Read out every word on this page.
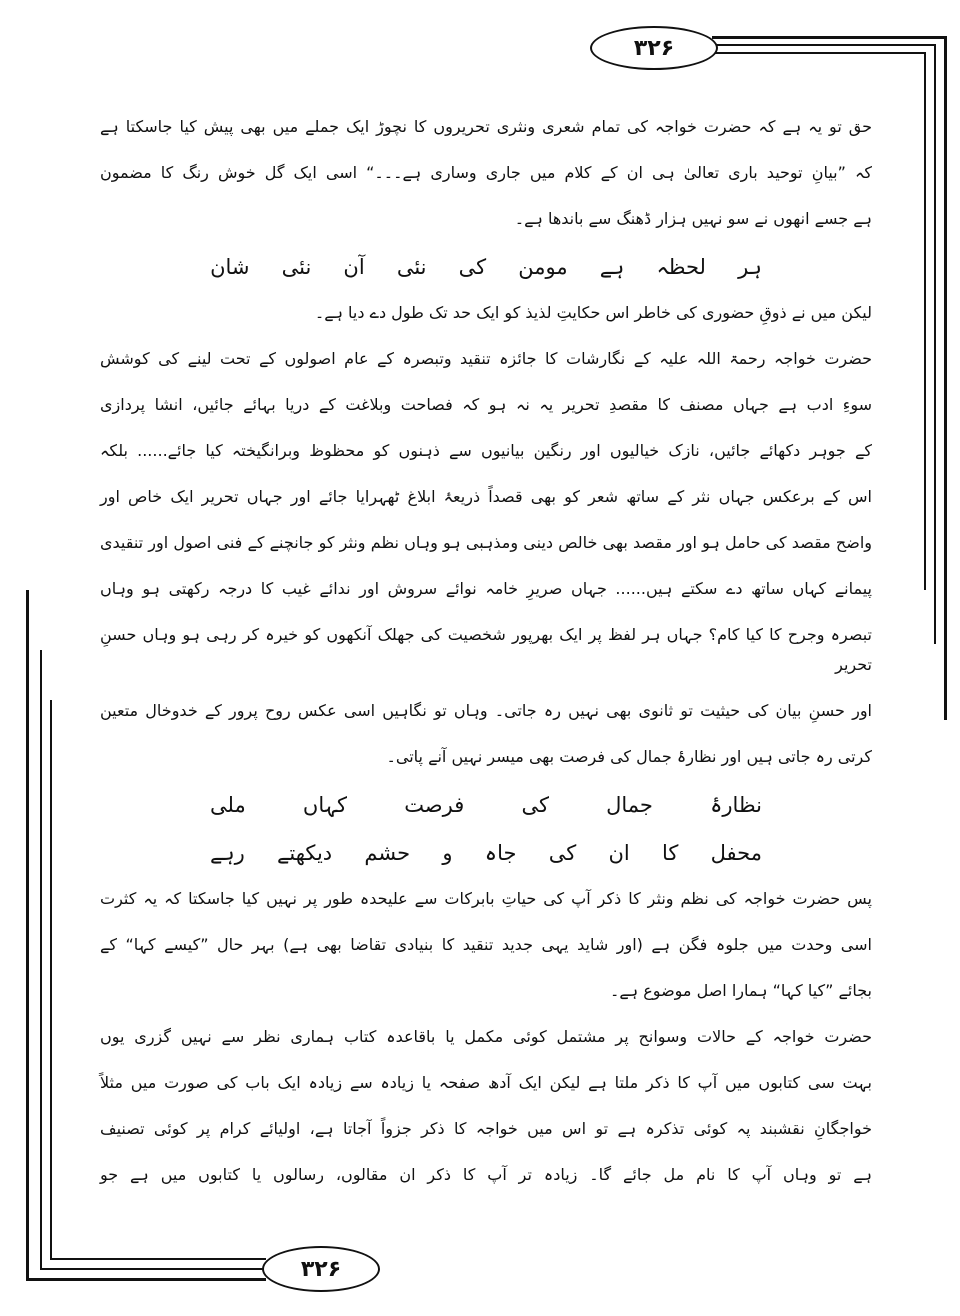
۳۲۶
۳۲۶
حق تو یہ ہے کہ حضرت خواجہ کی تمام شعری ونثری تحریروں کا نچوڑ ایک جملے میں بھی پیش کیا جاسکتا ہے
کہ ”بیانِ توحید باری تعالیٰ ہی ان کے کلام میں جاری وساری ہے۔۔۔“ اسی ایک گل خوش رنگ کا مضمون
ہے جسے انھوں نے سو نہیں ہزار ڈھنگ سے باندھا ہے۔
ہر
لحظہ
ہے
مومن
کی
نئی
آن
نئی
شان
لیکن میں نے ذوقِ حضوری کی خاطر اس حکایتِ لذیذ کو ایک حد تک طول دے دیا ہے۔
حضرت خواجہ رحمۃ اللہ علیہ کے نگارشات کا جائزہ تنقید وتبصرہ کے عام اصولوں کے تحت لینے کی کوشش
سوءِ ادب ہے جہاں مصنف کا مقصدِ تحریر یہ نہ ہو کہ فصاحت وبلاغت کے دریا بہائے جائیں، انشا پردازی
کے جوہر دکھائے جائیں، نازک خیالیوں اور رنگین بیانیوں سے ذہنوں کو محظوظ وبرانگیختہ کیا جائے...... بلکہ
اس کے برعکس جہاں نثر کے ساتھ شعر کو بھی قصداً ذریعۂ ابلاغ ٹھہرایا جائے اور جہاں تحریر ایک خاص اور
واضح مقصد کی حامل ہو اور مقصد بھی خالص دینی ومذہبی ہو وہاں نظم ونثر کو جانچنے کے فنی اصول اور تنقیدی
پیمانے کہاں ساتھ دے سکتے ہیں...... جہاں صریرِ خامہ نوائے سروش اور ندائے غیب کا درجہ رکھتی ہو وہاں
تبصرہ وجرح کا کیا کام؟ جہاں ہر لفظ پر ایک بھرپور شخصیت کی جھلک آنکھوں کو خیرہ کر رہی ہو وہاں حسنِ تحریر
اور حسنِ بیان کی حیثیت تو ثانوی بھی نہیں رہ جاتی۔ وہاں تو نگاہیں اسی عکس روح پرور کے خدوخال متعین
کرتی رہ جاتی ہیں اور نظارۂ جمال کی فرصت بھی میسر نہیں آنے پاتی۔
نظارۂ
جمال
کی
فرصت
کہاں
ملی
محفل
کا
ان
کی
جاہ
و
حشم
دیکھتے
رہے
پس حضرت خواجہ کی نظم ونثر کا ذکر آپ کی حیاتِ بابرکات سے علیحدہ طور پر نہیں کیا جاسکتا کہ یہ کثرت
اسی وحدت میں جلوہ فگن ہے (اور شاید یہی جدید تنقید کا بنیادی تقاضا بھی ہے) بہر حال ”کیسے کہا“ کے
بجائے ”کیا کہا“ ہمارا اصل موضوع ہے۔
حضرت خواجہ کے حالات وسوانح پر مشتمل کوئی مکمل یا باقاعدہ کتاب ہماری نظر سے نہیں گزری یوں
بہت سی کتابوں میں آپ کا ذکر ملتا ہے لیکن ایک آدھ صفحہ یا زیادہ سے زیادہ ایک باب کی صورت میں مثلاً
خواجگانِ نقشبند پہ کوئی تذکرہ ہے تو اس میں خواجہ کا ذکر جزواً آجاتا ہے، اولیائے کرام پر کوئی تصنیف
ہے تو وہاں آپ کا نام مل جائے گا۔ زیادہ تر آپ کا ذکر ان مقالوں، رسالوں یا کتابوں میں ہے جو
